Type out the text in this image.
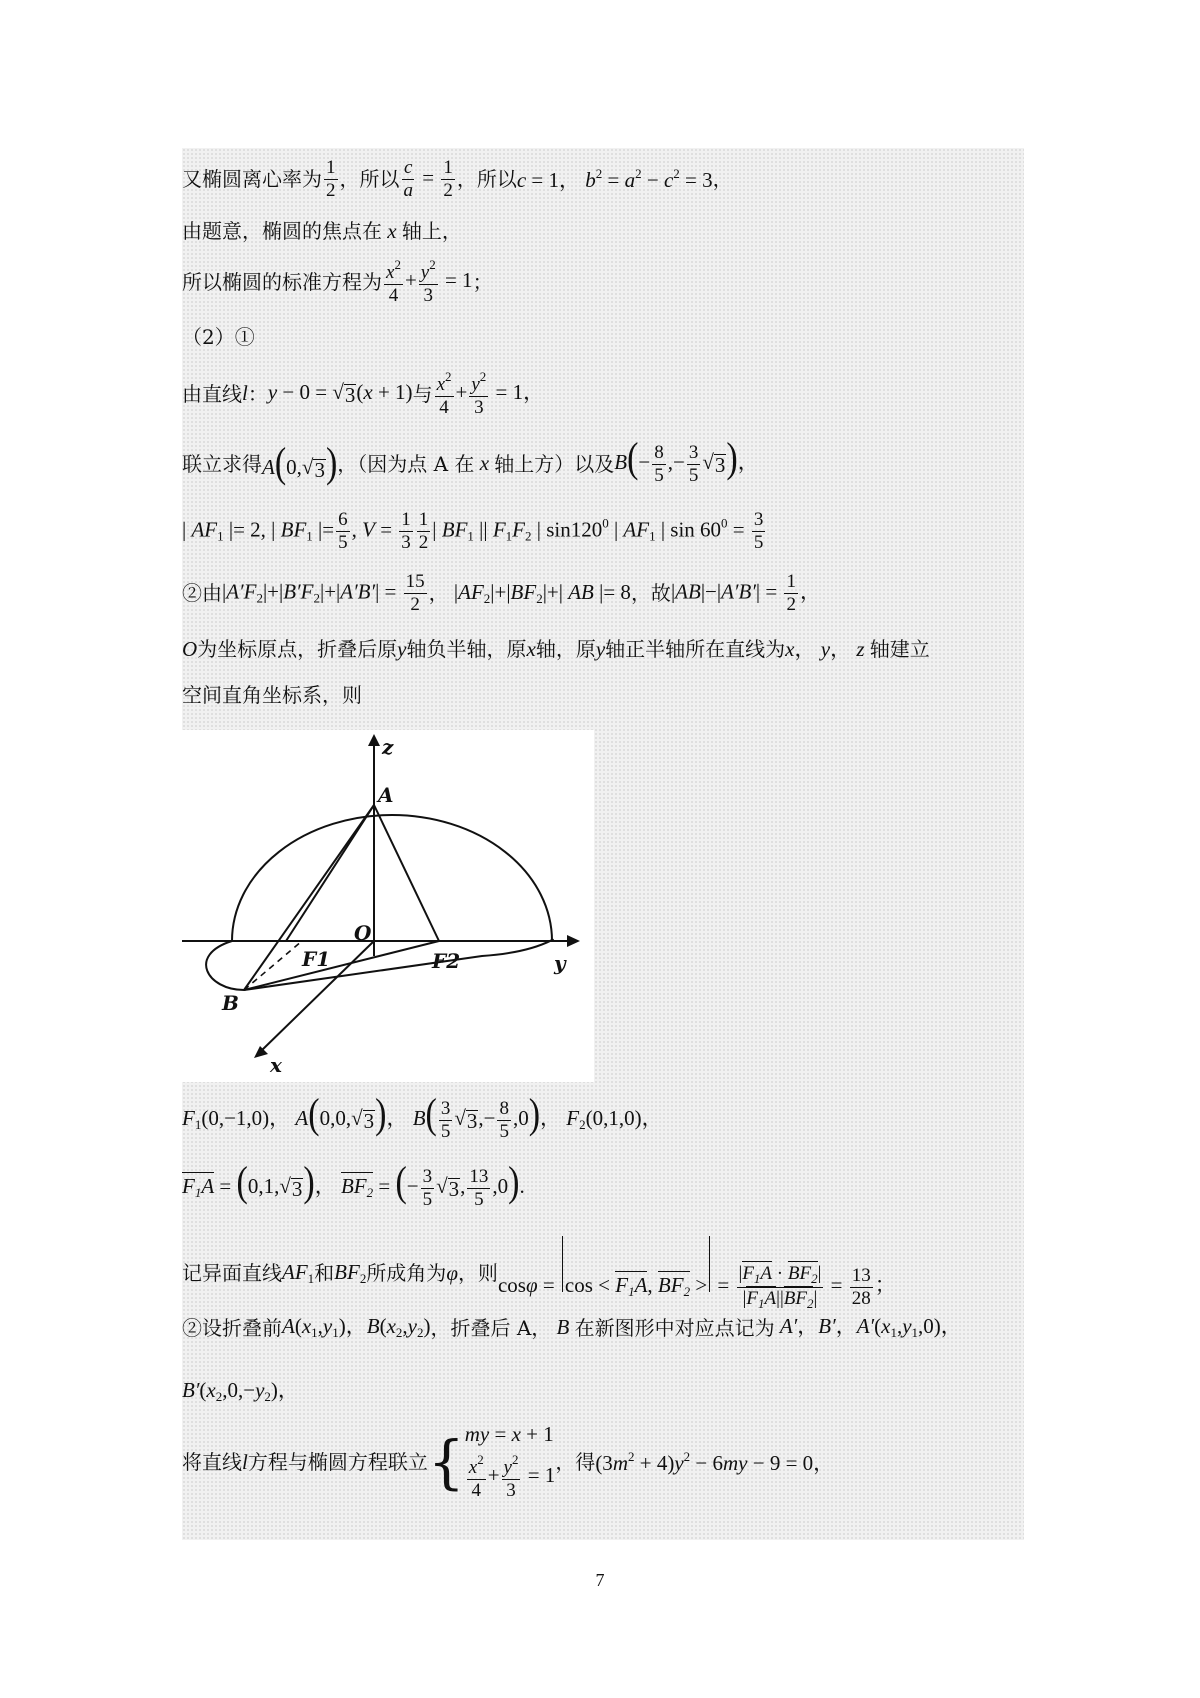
又椭圆离心率为 $\frac{1}{2}$ ，所以 $\frac{c}{a} = \frac{1}{2}$ ，所以 c = 1， $b^2 = a^2 - c^2 = 3$ ，
由题意，椭圆的焦点在 x 轴上，
所以椭圆的标准方程为 $\frac{x^2}{4} + \frac{y^2}{3} = 1$ ；
（2）①
由直线 l ： y − 0 = √ 3 (x + 1) 与 $\frac{x^2}{4} + \frac{y^2}{3} = 1$，
联立求得 A(0,√ 3 ) ，（因为点 A 在 x 轴上方）以及 $B(- \frac{8}{5}$ ,− $\frac{3}{5}$ √ 3 )，
| $AF_1$ |= 2, | $BF_1$ |= $\frac{6}{5}$ , $V = \frac{1}{3} \frac{1}{2}$ | $BF_1$ || $F_1F_2$ | $\sin 120^0$ | $AF_1$ | $\sin 60^0 = \frac{3}{5}$
②由 $|A'F_2|+|B'F_2|+|A'B'| = \frac{15}{2}$ ， $|AF_2|+|BF_2|+|$ AB |= 8 ，故 $|AB|-|A'B'| = \frac{1}{2}$ ，
O 为坐标原点，折叠后原 y 轴负半轴，原 x 轴，原 y 轴正半轴所在直线为 x， y， z 轴建立
空间直角坐标系，则
z
A
O
F1	F2	y
B
x
$F_1(0,-1,0)$， A(0,0,√ 3 )， $B( \frac{3}{5}$ √ 3 ,− $\frac{8}{5} ,0$)， $F_2(0,1,0)$，
$F_1A = (0,1,√$ 3 )， $BF_2$ = (− $\frac{3}{5}$ √ 3 , $\frac{13}{5} ,0$).
记异面直线 $AF_1$ 和 $BF_2$ 所成角为 φ ，则 $\cos\varphi = \cos < F_1A$, $BF_2$ > = $\frac{|F_1A \cdot BF_2|}{|F_1A||BF_2|} = \frac{13}{28}$ ；
②设折叠前 $A(x_1,y_1)$，$B(x_2,y_2)$ ，折叠后 A， B 在新图形中对应点记为 A′，B′，$A'(x_1,y_1,0)$，
$B'(x_2,0,-y_2)$，
将直线 l 方程与椭圆方程联立 { my = x + 1
$\frac{x^2}{4} + \frac{y^2}{3} = 1$
，得 $(3m^2 + 4)y^2 - 6my - 9 = 0$，
7
